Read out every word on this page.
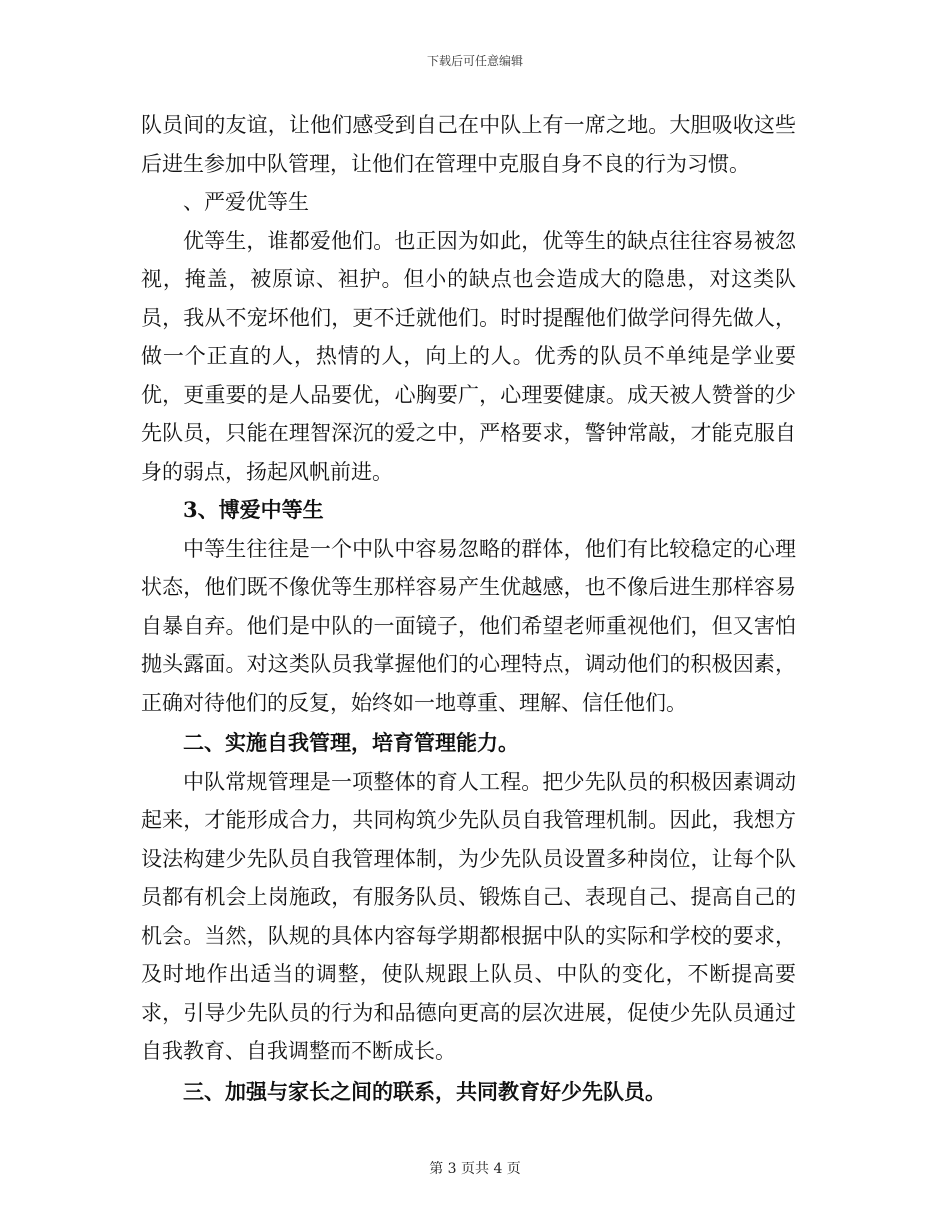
下载后可任意编辑

队员间的友谊，让他们感受到自己在中队上有一席之地。大胆吸收这些后进生参加中队管理，让他们在管理中克服自身不良的行为习惯。

、严爱优等生

优等生，谁都爱他们。也正因为如此，优等生的缺点往往容易被忽视，掩盖，被原谅、袒护。但小的缺点也会造成大的隐患，对这类队员，我从不宠坏他们，更不迁就他们。时时提醒他们做学问得先做人，做一个正直的人，热情的人，向上的人。优秀的队员不单纯是学业要优，更重要的是人品要优，心胸要广，心理要健康。成天被人赞誉的少先队员，只能在理智深沉的爱之中，严格要求，警钟常敲，才能克服自身的弱点，扬起风帆前进。

3、博爱中等生

中等生往往是一个中队中容易忽略的群体，他们有比较稳定的心理状态，他们既不像优等生那样容易产生优越感，也不像后进生那样容易自暴自弃。他们是中队的一面镜子，他们希望老师重视他们，但又害怕抛头露面。对这类队员我掌握他们的心理特点，调动他们的积极因素，正确对待他们的反复，始终如一地尊重、理解、信任他们。

二、实施自我管理，培育管理能力。

中队常规管理是一项整体的育人工程。把少先队员的积极因素调动起来，才能形成合力，共同构筑少先队员自我管理机制。因此，我想方设法构建少先队员自我管理体制，为少先队员设置多种岗位，让每个队员都有机会上岗施政，有服务队员、锻炼自己、表现自己、提高自己的机会。当然，队规的具体内容每学期都根据中队的实际和学校的要求，及时地作出适当的调整，使队规跟上队员、中队的变化，不断提高要求，引导少先队员的行为和品德向更高的层次进展，促使少先队员通过自我教育、自我调整而不断成长。

三、加强与家长之间的联系，共同教育好少先队员。

第 3 页共 4 页
